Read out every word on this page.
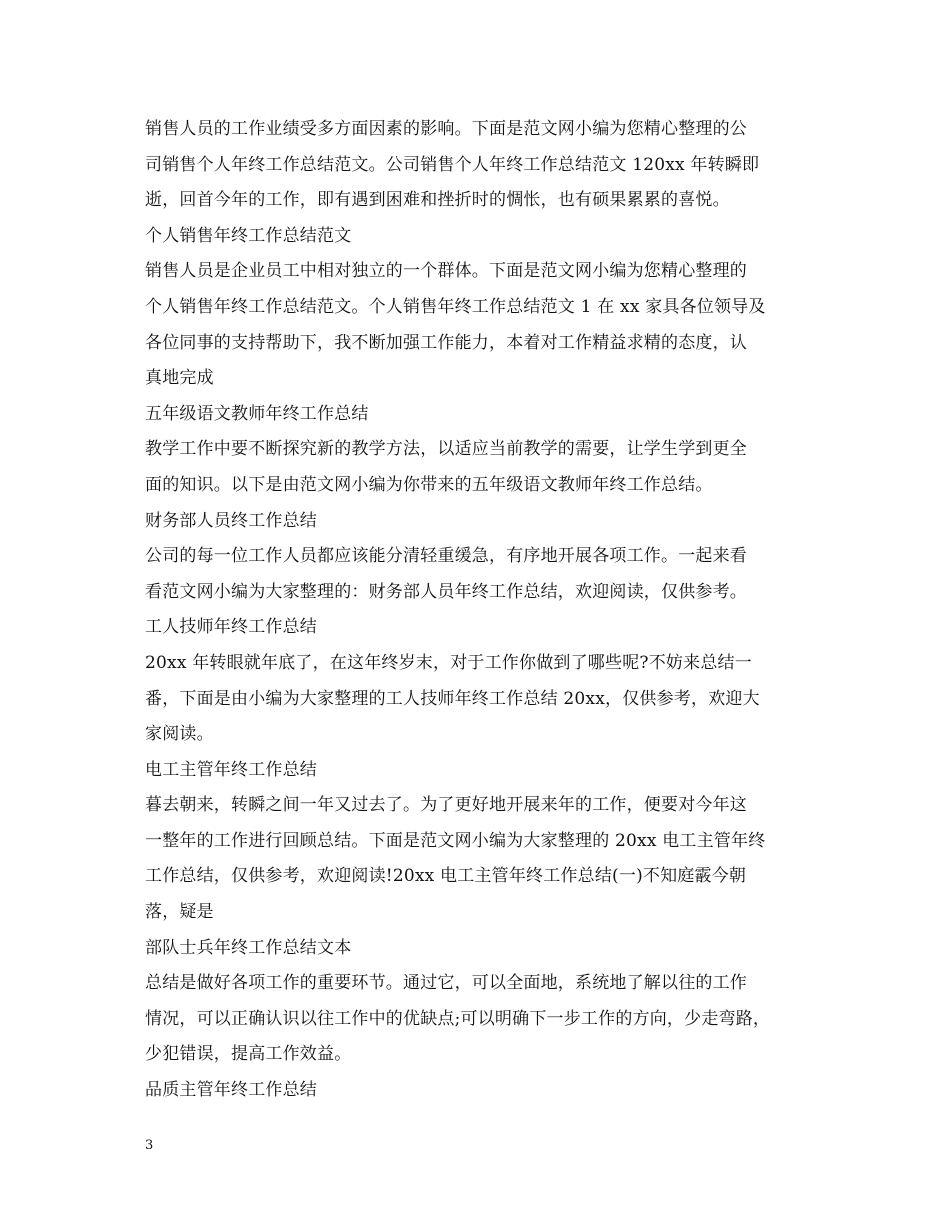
销售人员的工作业绩受多方面因素的影响。下面是范文网小编为您精心整理的公
司销售个人年终工作总结范文。公司销售个人年终工作总结范文 120xx 年转瞬即
逝，回首今年的工作，即有遇到困难和挫折时的惆怅，也有硕果累累的喜悦。
个人销售年终工作总结范文
销售人员是企业员工中相对独立的一个群体。下面是范文网小编为您精心整理的
个人销售年终工作总结范文。个人销售年终工作总结范文 1 在 xx 家具各位领导及
各位同事的支持帮助下，我不断加强工作能力，本着对工作精益求精的态度，认
真地完成
五年级语文教师年终工作总结
教学工作中要不断探究新的教学方法，以适应当前教学的需要，让学生学到更全
面的知识。以下是由范文网小编为你带来的五年级语文教师年终工作总结。
财务部人员终工作总结
公司的每一位工作人员都应该能分清轻重缓急，有序地开展各项工作。一起来看
看范文网小编为大家整理的：财务部人员年终工作总结，欢迎阅读，仅供参考。
工人技师年终工作总结
20xx 年转眼就年底了，在这年终岁末，对于工作你做到了哪些呢?不妨来总结一
番，下面是由小编为大家整理的工人技师年终工作总结 20xx，仅供参考，欢迎大
家阅读。
电工主管年终工作总结
暮去朝来，转瞬之间一年又过去了。为了更好地开展来年的工作，便要对今年这
一整年的工作进行回顾总结。下面是范文网小编为大家整理的 20xx 电工主管年终
工作总结，仅供参考，欢迎阅读!20xx 电工主管年终工作总结(一)不知庭霰今朝
落，疑是
部队士兵年终工作总结文本
总结是做好各项工作的重要环节。通过它，可以全面地，系统地了解以往的工作
情况，可以正确认识以往工作中的优缺点;可以明确下一步工作的方向，少走弯路，
少犯错误，提高工作效益。
品质主管年终工作总结
3
